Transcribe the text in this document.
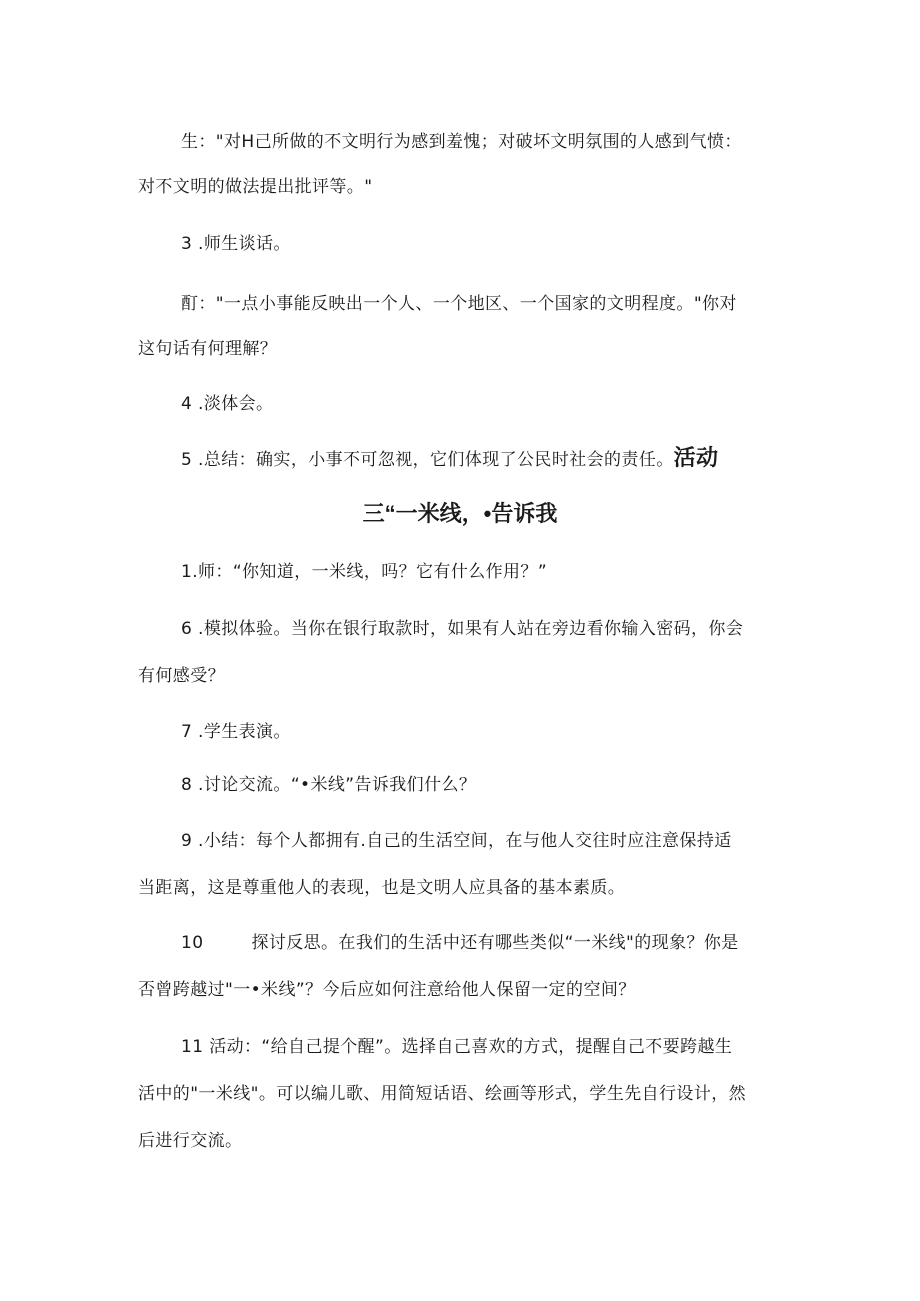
生："对H己所做的不文明行为感到羞愧；对破坏文明氛围的人感到气愤：
对不文明的做法提出批评等。"
3 .师生谈话。
酊："一点小事能反映出一个人、一个地区、一个国家的文明程度。"你对
这句话有何理解？
4 .淡体会。
5 .总结：确实，小事不可忽视，它们体现了公民时社会的责任。活动
三“一米线，•告诉我
1.师：“你知道，一米线，吗？它有什么作用？”
6 .模拟体验。当你在银行取款时，如果有人站在旁边看你输入密码，你会
有何感受？
7 .学生表演。
8 .讨论交流。“•米线”告诉我们什么？
9 .小结：每个人都拥有.自己的生活空间，在与他人交往时应注意保持适
当距离，这是尊重他人的表现，也是文明人应具备的基本素质。
10	探讨反思。在我们的生活中还有哪些类似“一米线"的现象？你是
否曾跨越过"一•米线”？今后应如何注意给他人保留一定的空间？
11 活动：“给自己提个醒”。选择自己喜欢的方式，提醒自己不要跨越生
活中的"一米线"。可以编儿歌、用简短话语、绘画等形式，学生先自行设计，然
后进行交流。
